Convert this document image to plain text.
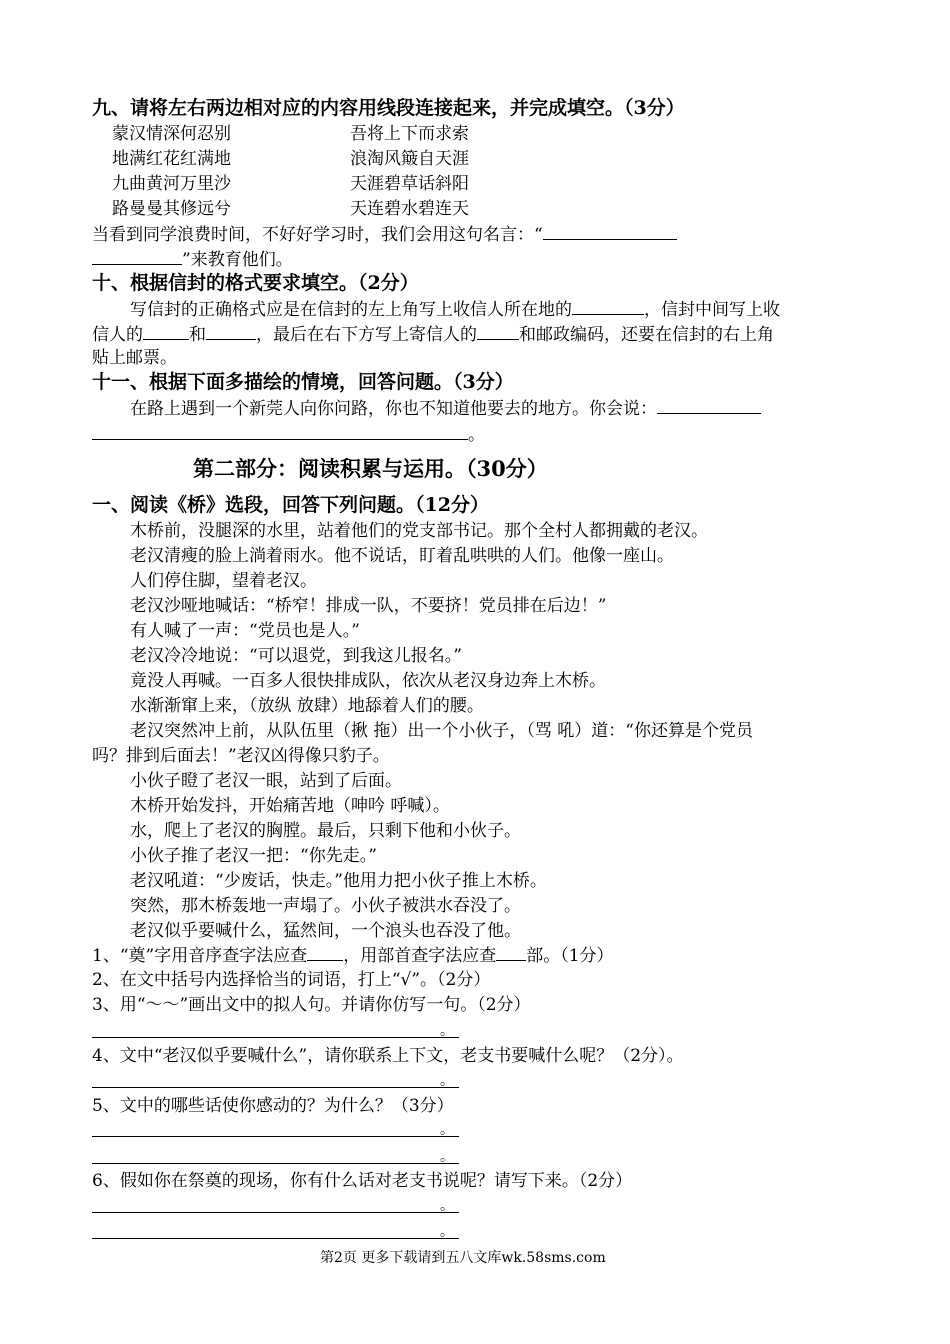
九、请将左右两边相对应的内容用线段连接起来，并完成填空。（3分）
蒙汉情深何忍别	吾将上下而求索
地满红花红满地	浪淘风簸自天涯
九曲黄河万里沙	天涯碧草话斜阳
路曼曼其修远兮	天连碧水碧连天
当看到同学浪费时间，不好好学习时，我们会用这句名言：“
”来教育他们。
十、根据信封的格式要求填空。（2分）
写信封的正确格式应是在信封的左上角写上收信人所在地的	，信封中间写上收
信人的	和	，最后在右下方写上寄信人的 和邮政编码，还要在信封的右上角
贴上邮票。
十一、根据下面多描绘的情境，回答问题。（3分）
在路上遇到一个新莞人向你问路，你也不知道他要去的地方。你会说：
。
第二部分：阅读积累与运用。（30分）
一、阅读《桥》选段，回答下列问题。（12分）
木桥前，没腿深的水里，站着他们的党支部书记。那个全村人都拥戴的老汉。
老汉清瘦的脸上淌着雨水。他不说话，盯着乱哄哄的人们。他像一座山。
人们停住脚，望着老汉。
老汉沙哑地喊话：“桥窄！排成一队，不要挤！党员排在后边！”
有人喊了一声：“党员也是人。”
老汉冷冷地说：“可以退党，到我这儿报名。”
竟没人再喊。一百多人很快排成队，依次从老汉身边奔上木桥。
水渐渐窜上来，（放纵 放肆）地舔着人们的腰。
老汉突然冲上前，从队伍里（揪 拖）出一个小伙子，（骂 吼）道：“你还算是个党员
吗？排到后面去！”老汉凶得像只豹子。
小伙子瞪了老汉一眼，站到了后面。
木桥开始发抖，开始痛苦地（呻吟 呼喊）。
水，爬上了老汉的胸膛。最后，只剩下他和小伙子。
小伙子推了老汉一把：“你先走。”
老汉吼道：“少废话，快走。”他用力把小伙子推上木桥。
突然，那木桥轰地一声塌了。小伙子被洪水吞没了。
老汉似乎要喊什么，猛然间，一个浪头也吞没了他。
1、“奠”字用音序查字法应查 ，用部首查字法应查 部。（1分）
2、在文中括号内选择恰当的词语，打上“√”。（2分）
3、用“～～”画出文中的拟人句。并请你仿写一句。（2分）
。
4、文中“老汉似乎要喊什么”，请你联系上下文，老支书要喊什么呢？（2分）。
。
5、文中的哪些话使你感动的？为什么？（3分）
。
。
6、假如你在祭奠的现场，你有什么话对老支书说呢？请写下来。（2分）
。
。
第2页 更多下载请到五八文库wk.58sms.com
